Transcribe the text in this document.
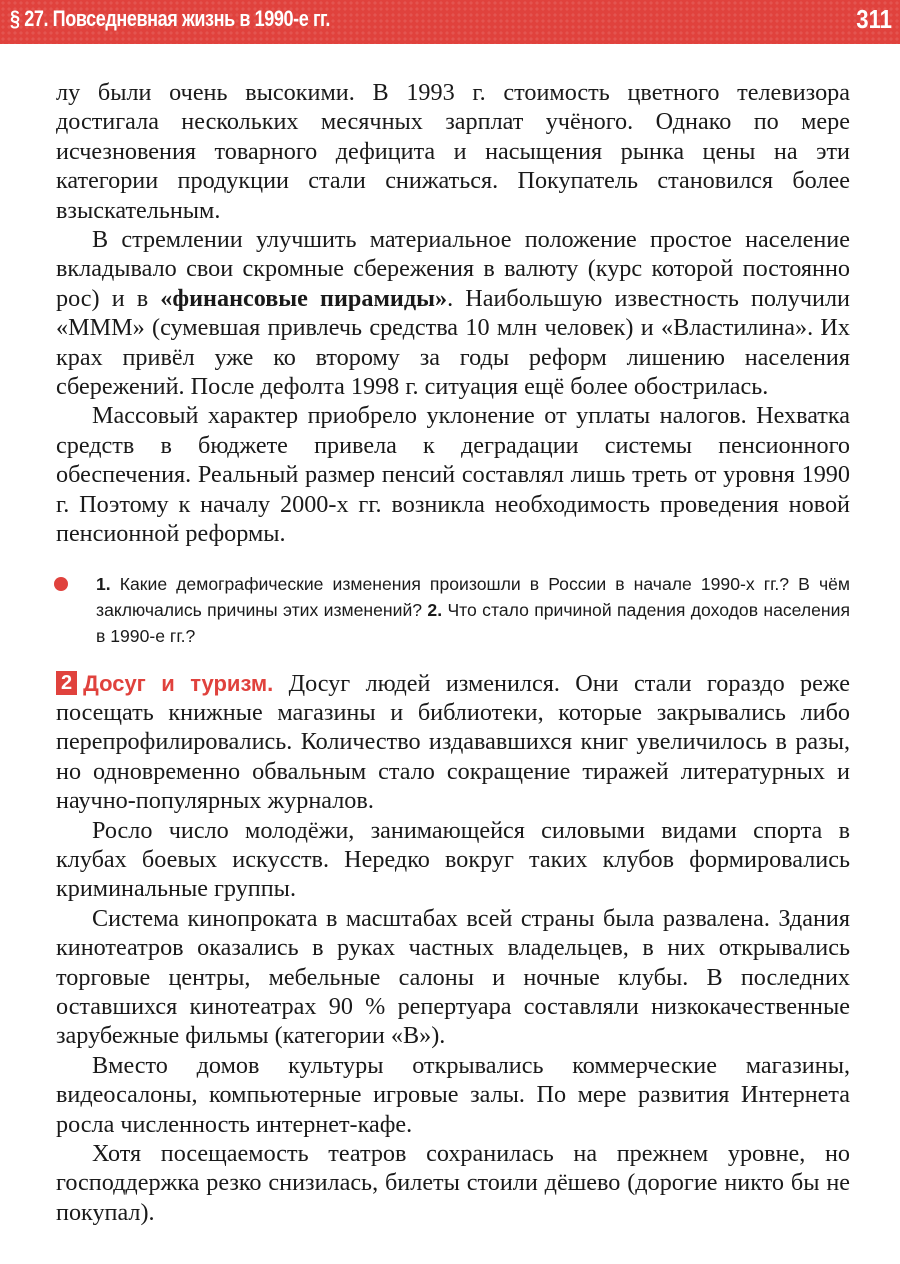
§ 27. Повседневная жизнь в 1990-е гг.	311

лу были очень высокими. В 1993 г. стоимость цветного телевизора достигала нескольких месячных зарплат учёного. Однако по мере исчезновения товарного дефицита и насыщения рынка цены на эти категории продукции стали снижаться. Покупатель становился более взыскательным.

В стремлении улучшить материальное положение простое население вкладывало свои скромные сбережения в валюту (курс которой постоянно рос) и в «финансовые пирамиды». Наибольшую известность получили «МММ» (сумевшая привлечь средства 10 млн человек) и «Властилина». Их крах привёл уже ко второму за годы реформ лишению населения сбережений. После дефолта 1998 г. ситуация ещё более обострилась.

Массовый характер приобрело уклонение от уплаты налогов. Нехватка средств в бюджете привела к деградации системы пенсионного обеспечения. Реальный размер пенсий составлял лишь треть от уровня 1990 г. Поэтому к началу 2000-х гг. возникла необходимость проведения новой пенсионной реформы.

1. Какие демографические изменения произошли в России в начале 1990-х гг.? В чём заключались причины этих изменений? 2. Что стало причиной падения доходов населения в 1990-е гг.?

2 Досуг и туризм. Досуг людей изменился. Они стали гораздо реже посещать книжные магазины и библиотеки, которые закрывались либо перепрофилировались. Количество издававшихся книг увеличилось в разы, но одновременно обвальным стало сокращение тиражей литературных и научно-популярных журналов.

Росло число молодёжи, занимающейся силовыми видами спорта в клубах боевых искусств. Нередко вокруг таких клубов формировались криминальные группы.

Система кинопроката в масштабах всей страны была развалена. Здания кинотеатров оказались в руках частных владельцев, в них открывались торговые центры, мебельные салоны и ночные клубы. В последних оставшихся кинотеатрах 90 % репертуара составляли низкокачественные зарубежные фильмы (категории «B»).

Вместо домов культуры открывались коммерческие магазины, видеосалоны, компьютерные игровые залы. По мере развития Интернета росла численность интернет-кафе.

Хотя посещаемость театров сохранилась на прежнем уровне, но господдержка резко снизилась, билеты стоили дёшево (дорогие никто бы не покупал).
